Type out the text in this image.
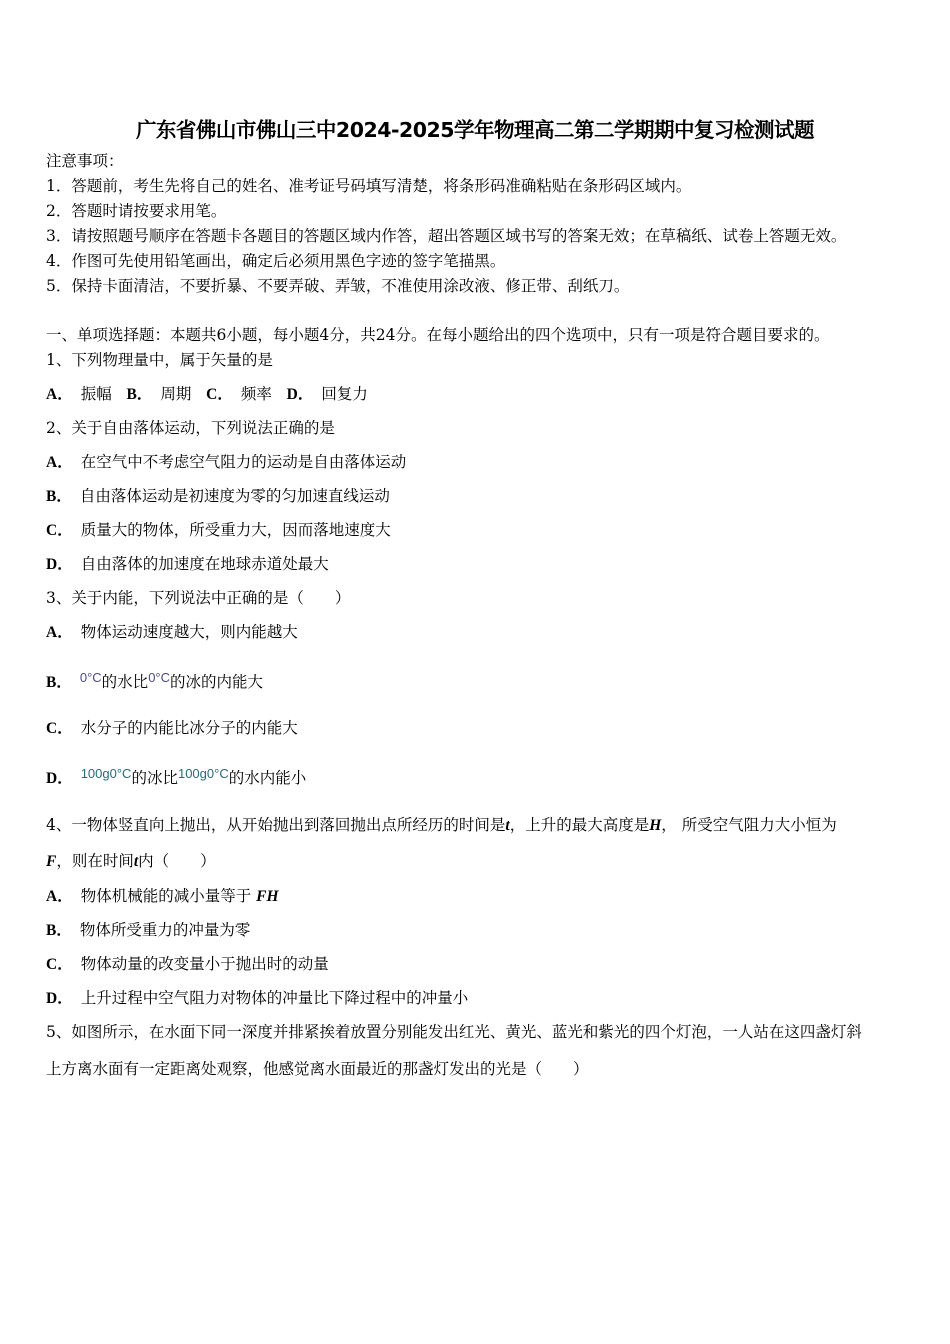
广东省佛山市佛山三中2024-2025学年物理高二第二学期期中复习检测试题
注意事项：
1．答题前，考生先将自己的姓名、准考证号码填写清楚，将条形码准确粘贴在条形码区域内。
2．答题时请按要求用笔。
3．请按照题号顺序在答题卡各题目的答题区域内作答，超出答题区域书写的答案无效；在草稿纸、试卷上答题无效。
4．作图可先使用铅笔画出，确定后必须用黑色字迹的签字笔描黑。
5．保持卡面清洁，不要折暴、不要弄破、弄皱，不准使用涂改液、修正带、刮纸刀。
一、单项选择题：本题共6小题，每小题4分，共24分。在每小题给出的四个选项中，只有一项是符合题目要求的。
1、下列物理量中，属于矢量的是
A． 振幅 B． 周期 C． 频率 D． 回复力
2、关于自由落体运动，下列说法正确的是
A． 在空气中不考虑空气阻力的运动是自由落体运动
B． 自由落体运动是初速度为零的匀加速直线运动
C． 质量大的物体，所受重力大，因而落地速度大
D． 自由落体的加速度在地球赤道处最大
3、关于内能，下列说法中正确的是（　　）
A． 物体运动速度越大，则内能越大
B． $^{0^\circ C}$的水比$^{0^\circ C}$的冰的内能大
C． 水分子的内能比冰分子的内能大
D． $^{100g0^\circ C}$的冰比$^{100g0^\circ C}$的水内能小
4、一物体竖直向上抛出，从开始抛出到落回抛出点所经历的时间是t，上升的最大高度是H， 所受空气阻力大小恒为
F，则在时间t内（　　）
A． 物体机械能的减小量等于 FH
B． 物体所受重力的冲量为零
C． 物体动量的改变量小于抛出时的动量
D． 上升过程中空气阻力对物体的冲量比下降过程中的冲量小
5、如图所示，在水面下同一深度并排紧挨着放置分别能发出红光、黄光、蓝光和紫光的四个灯泡，一人站在这四盏灯斜
上方离水面有一定距离处观察，他感觉离水面最近的那盏灯发出的光是（　　）
